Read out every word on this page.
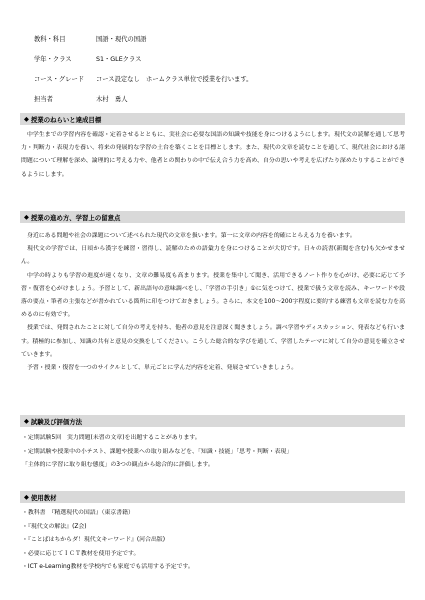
教科・科目	国語・現代の国語
学年・クラス	S1・GLEクラス
コース・グレード	コース設定なし　ホームクラス単位で授業を行います。
担当者	木村　勇人
◆ 授業のねらいと達成目標

中学生までの学習内容を確認・定着させるとともに、実社会に必要な国語の知識や技能を身につけるようにします。現代文の読解を通して思考力・判断力・表現力を養い、将来の発展的な学習の土台を築くことを目標とします。また、現代の文章を読むことを通して、現代社会における諸問題について理解を深め、論理的に考える力や、他者との関わりの中で伝え合う力を高め、自分の思いや考えを広げたり深めたりすることができるようにします。

◆ 授業の進め方、学習上の留意点

身近にある問題や社会の課題について述べられた現代の文章を扱います。第一に文章の内容を的確にとらえる力を養います。

現代文の学習では、日頃から漢字を練習・習得し、読解のための語彙力を身につけることが大切です。日々の読書(新聞を含む)も欠かせません。

中学の時よりも学習の進度が速くなり、文章の難易度も高まります。授業を集中して聞き、活用できるノート作りを心がけ、必要に応じて予習・復習を心がけましょう。予習として、新出語句の意味調べをし、「学習の手引き」①に気をつけて、授業で扱う文章を読み、キーワードや段落の要点・筆者の主張などが書かれている箇所に印をつけておきましょう。さらに、本文を100〜200字程度に要約する練習も文章を読む力を高めるのに有効です。

授業では、発問されたことに対して自分の考えを持ち、他者の意見を注意深く聞きましょう。調べ学習やディスカッション、発表なども行います。積極的に参加し、知識の共有と意見の交換をしてください。こうした総合的な学びを通して、学習したテーマに対して自分の意見を確立させていきます。

予習・授業・復習を一つのサイクルとして、単元ごとに学んだ内容を定着、発展させていきましょう。

◆ 試験及び評価方法
・定期試験5回　実力問題(未習の文章)を出題することがあります。
・定期試験や授業中の小テスト、課題や授業への取り組みなどを、「知識・技能」「思考・判断・表現」
「主体的に学習に取り組む態度」の3つの観点から総合的に評価します。
◆ 使用教材
・教科書　『精選現代の国語』（東京書籍）
・『現代文の解法』(Z会)
・『ことばはちからダ！現代文キーワード』(河合出版)
・必要に応じてＩＣＴ教材を使用予定です。
・ICT e-Learning教材を学校内でも家庭でも活用する予定です。
